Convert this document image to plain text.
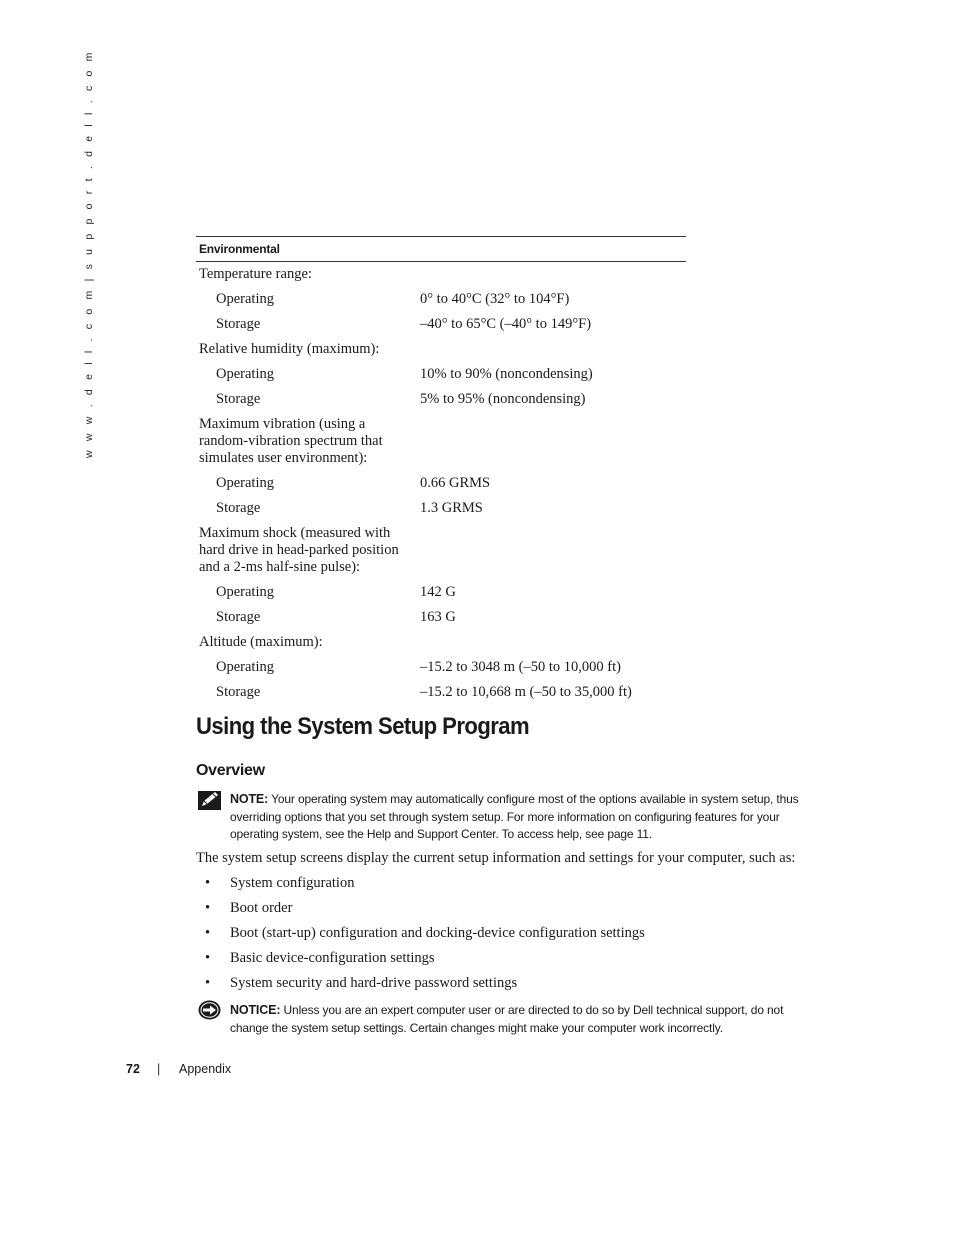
w w w . d e l l . c o m | s u p p o r t . d e l l . c o m	Environmental
Temperature range:
Operating	0° to 40°C (32° to 104°F)
Storage	–40° to 65°C (–40° to 149°F)
Relative humidity (maximum):
Operating	10% to 90% (noncondensing)
Storage	5% to 95% (noncondensing)
Maximum vibration (using a random-vibration spectrum that simulates user environment):
Operating	0.66 GRMS
Storage	1.3 GRMS
Maximum shock (measured with hard drive in head-parked position and a 2-ms half-sine pulse):
Operating	142 G
Storage	163 G
Altitude (maximum):
Operating	–15.2 to 3048 m (–50 to 10,000 ft)
Storage	–15.2 to 10,668 m (–50 to 35,000 ft)
Using the System Setup Program
Overview
NOTE: Your operating system may automatically configure most of the options available in system setup, thus overriding options that you set through system setup. For more information on configuring features for your operating system, see the Help and Support Center. To access help, see page 11.
The system setup screens display the current setup information and settings for your computer, such as:
• System configuration
• Boot order
• Boot (start-up) configuration and docking-device configuration settings
• Basic device-configuration settings
• System security and hard-drive password settings
NOTICE: Unless you are an expert computer user or are directed to do so by Dell technical support, do not change the system setup settings. Certain changes might make your computer work incorrectly.
72 | Appendix
